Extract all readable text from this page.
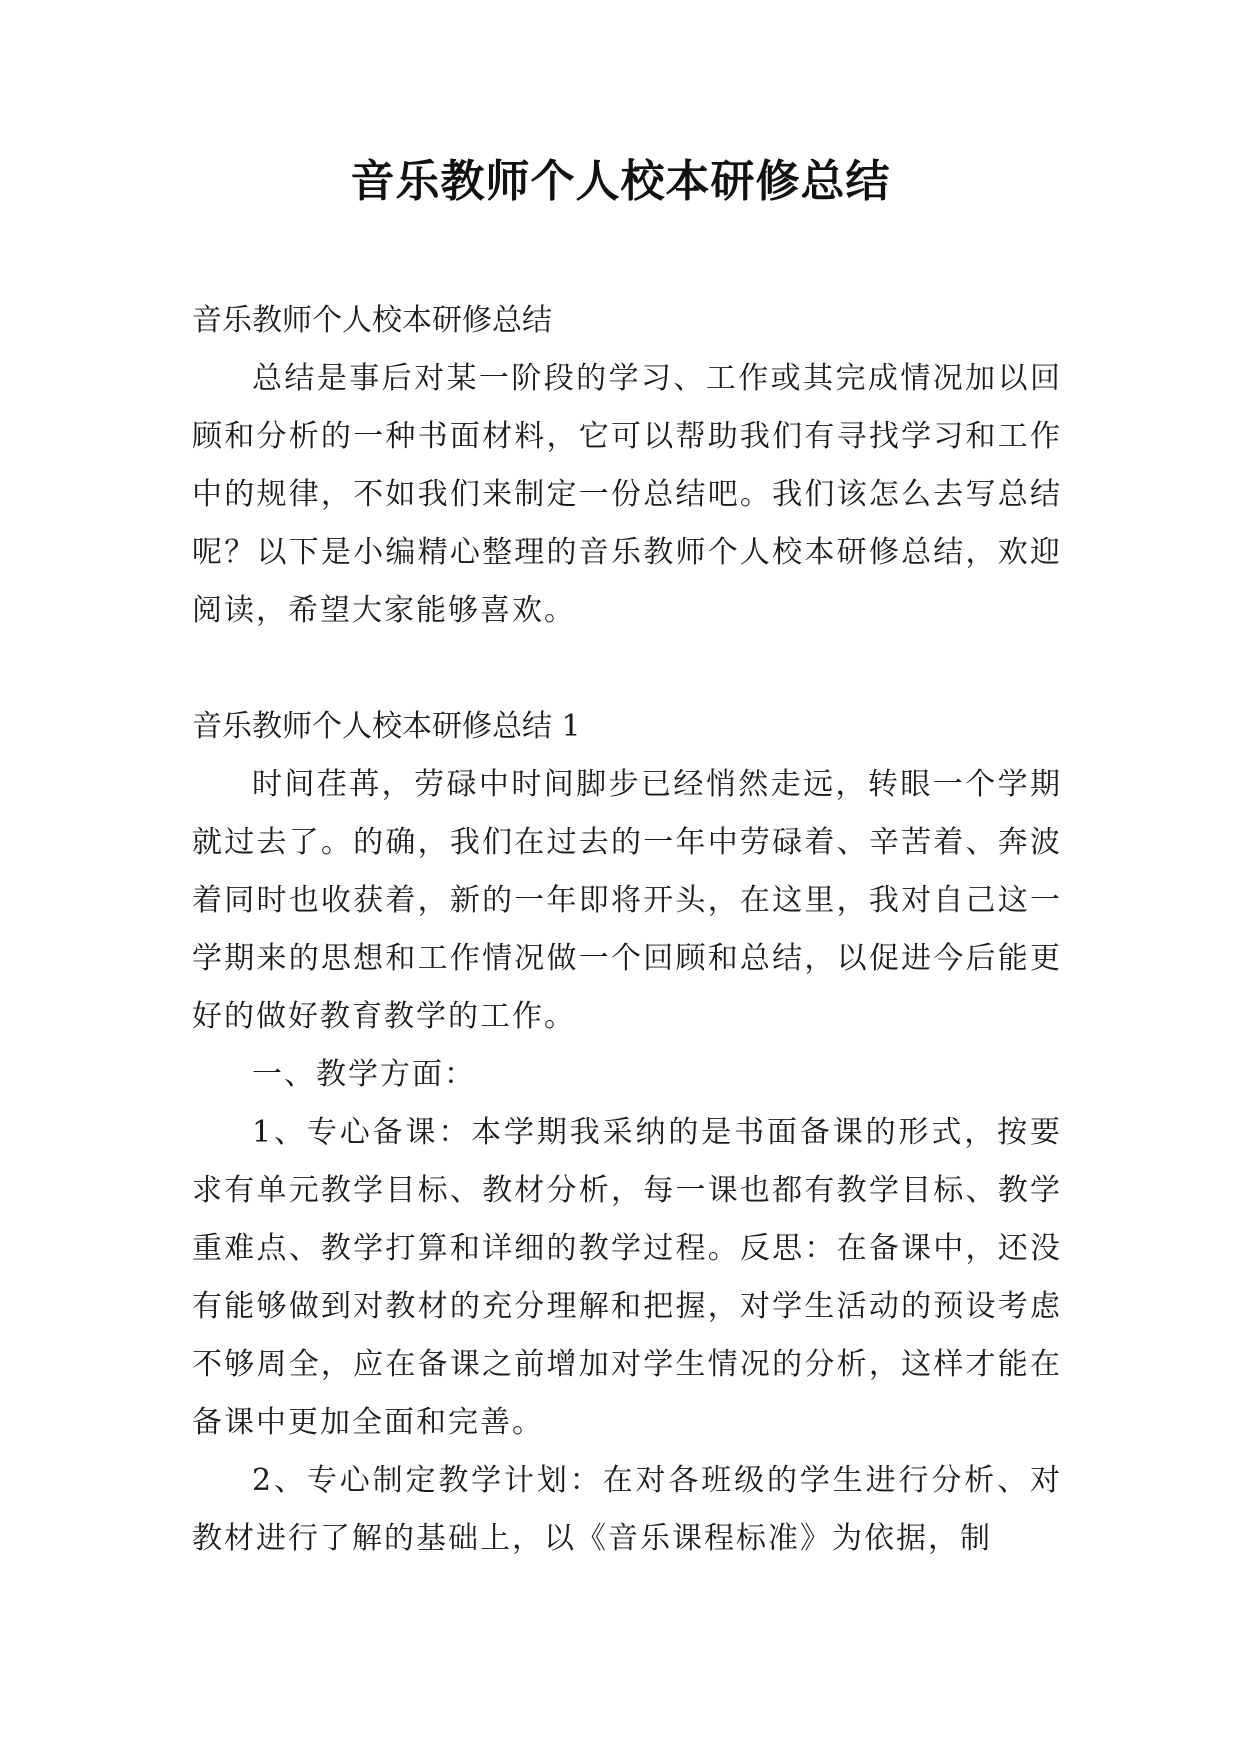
音乐教师个人校本研修总结

音乐教师个人校本研修总结

总结是事后对某一阶段的学习、工作或其完成情况加以回顾和分析的一种书面材料，它可以帮助我们有寻找学习和工作中的规律，不如我们来制定一份总结吧。我们该怎么去写总结呢？以下是小编精心整理的音乐教师个人校本研修总结，欢迎阅读，希望大家能够喜欢。

音乐教师个人校本研修总结 1

时间荏苒，劳碌中时间脚步已经悄然走远，转眼一个学期就过去了。的确，我们在过去的一年中劳碌着、辛苦着、奔波着同时也收获着，新的一年即将开头，在这里，我对自己这一学期来的思想和工作情况做一个回顾和总结，以促进今后能更好的做好教育教学的工作。

一、教学方面：

1、专心备课：本学期我采纳的是书面备课的形式，按要求有单元教学目标、教材分析，每一课也都有教学目标、教学重难点、教学打算和详细的教学过程。反思：在备课中，还没有能够做到对教材的充分理解和把握，对学生活动的预设考虑不够周全，应在备课之前增加对学生情况的分析，这样才能在备课中更加全面和完善。

2、专心制定教学计划：在对各班级的学生进行分析、对教材进行了解的基础上，以《音乐课程标准》为依据，制
